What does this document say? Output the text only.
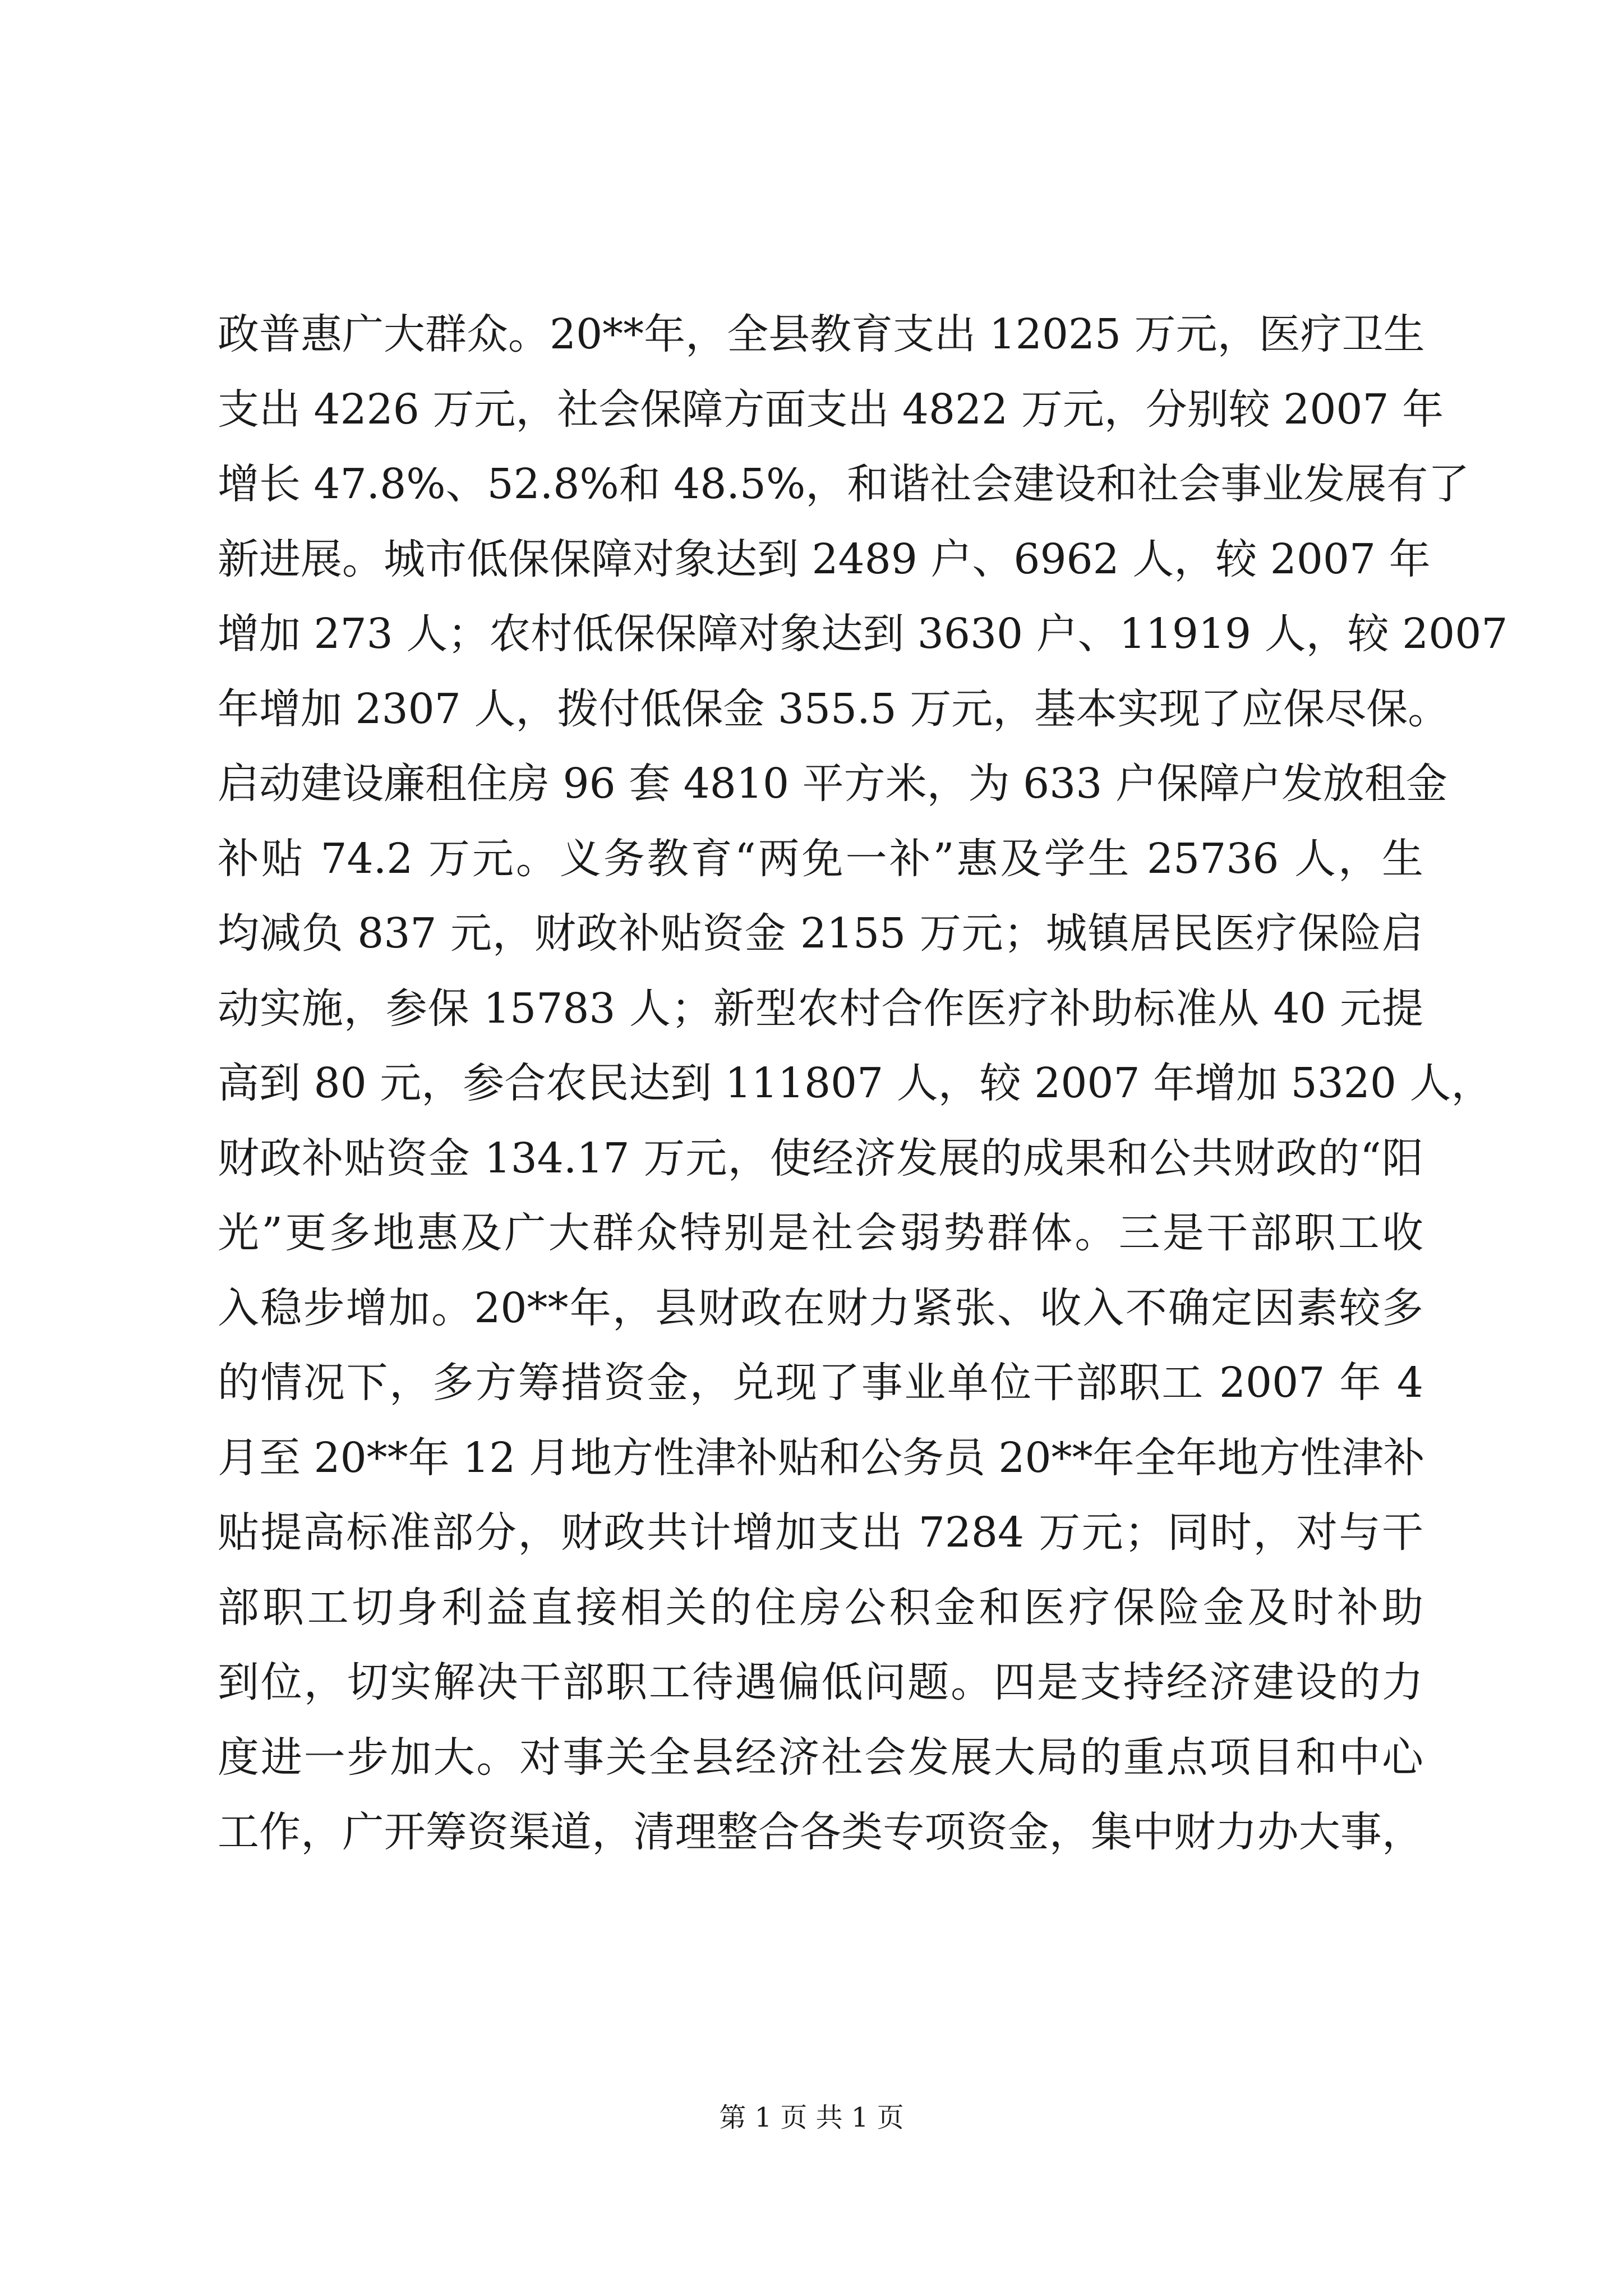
政普惠广大群众。20**年，全县教育支出 12025 万元，医疗卫生
支出 4226 万元，社会保障方面支出 4822 万元，分别较 2007 年
增长 47.8%、52.8%和 48.5%，和谐社会建设和社会事业发展有了
新进展。城市低保保障对象达到 2489 户、6962 人，较 2007 年
增加 273 人；农村低保保障对象达到 3630 户、11919 人，较 2007
年增加 2307 人，拨付低保金 355.5 万元，基本实现了应保尽保。
启动建设廉租住房 96 套 4810 平方米，为 633 户保障户发放租金
补贴 74.2 万元。义务教育“两免一补”惠及学生 25736 人，生
均减负 837 元，财政补贴资金 2155 万元；城镇居民医疗保险启
动实施，参保 15783 人；新型农村合作医疗补助标准从 40 元提
高到 80 元，参合农民达到 111807 人，较 2007 年增加 5320 人，
财政补贴资金 134.17 万元，使经济发展的成果和公共财政的“阳
光”更多地惠及广大群众特别是社会弱势群体。三是干部职工收
入稳步增加。20**年，县财政在财力紧张、收入不确定因素较多
的情况下，多方筹措资金，兑现了事业单位干部职工 2007 年 4
月至 20**年 12 月地方性津补贴和公务员 20**年全年地方性津补
贴提高标准部分，财政共计增加支出 7284 万元；同时，对与干
部职工切身利益直接相关的住房公积金和医疗保险金及时补助
到位，切实解决干部职工待遇偏低问题。四是支持经济建设的力
度进一步加大。对事关全县经济社会发展大局的重点项目和中心
工作，广开筹资渠道，清理整合各类专项资金，集中财力办大事，
第 1 页 共 1 页
